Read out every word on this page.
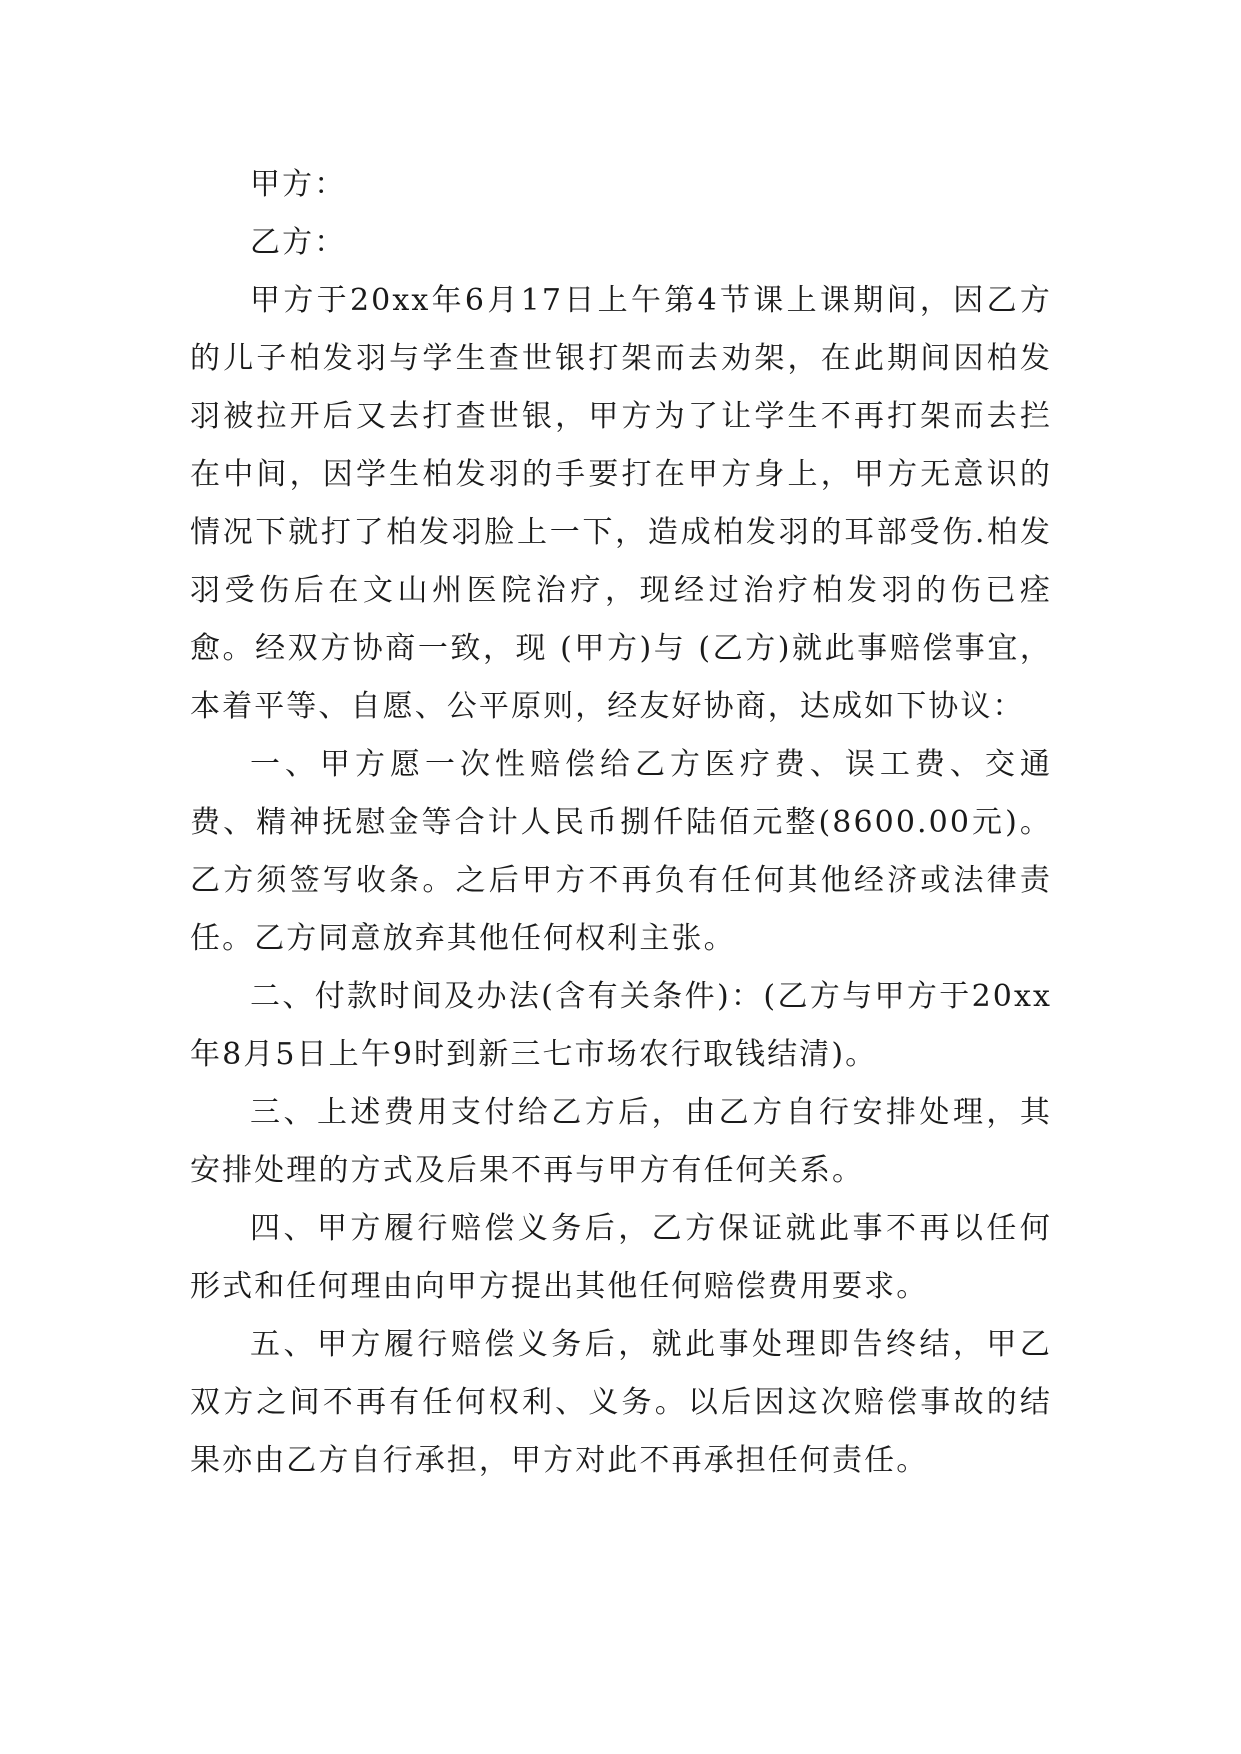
甲方：

乙方：

甲方于20xx年6月17日上午第4节课上课期间，因乙方的儿子柏发羽与学生查世银打架而去劝架，在此期间因柏发羽被拉开后又去打查世银，甲方为了让学生不再打架而去拦在中间，因学生柏发羽的手要打在甲方身上，甲方无意识的情况下就打了柏发羽脸上一下，造成柏发羽的耳部受伤.柏发羽受伤后在文山州医院治疗，现经过治疗柏发羽的伤已痊愈。经双方协商一致，现 (甲方)与 (乙方)就此事赔偿事宜，本着平等、自愿、公平原则，经友好协商，达成如下协议：

一、甲方愿一次性赔偿给乙方医疗费、误工费、交通费、精神抚慰金等合计人民币捌仟陆佰元整(8600.00元)。乙方须签写收条。之后甲方不再负有任何其他经济或法律责任。乙方同意放弃其他任何权利主张。

二、付款时间及办法(含有关条件)：(乙方与甲方于20xx年8月5日上午9时到新三七市场农行取钱结清)。

三、上述费用支付给乙方后，由乙方自行安排处理，其安排处理的方式及后果不再与甲方有任何关系。

四、甲方履行赔偿义务后，乙方保证就此事不再以任何形式和任何理由向甲方提出其他任何赔偿费用要求。

五、甲方履行赔偿义务后，就此事处理即告终结，甲乙双方之间不再有任何权利、义务。以后因这次赔偿事故的结果亦由乙方自行承担，甲方对此不再承担任何责任。
